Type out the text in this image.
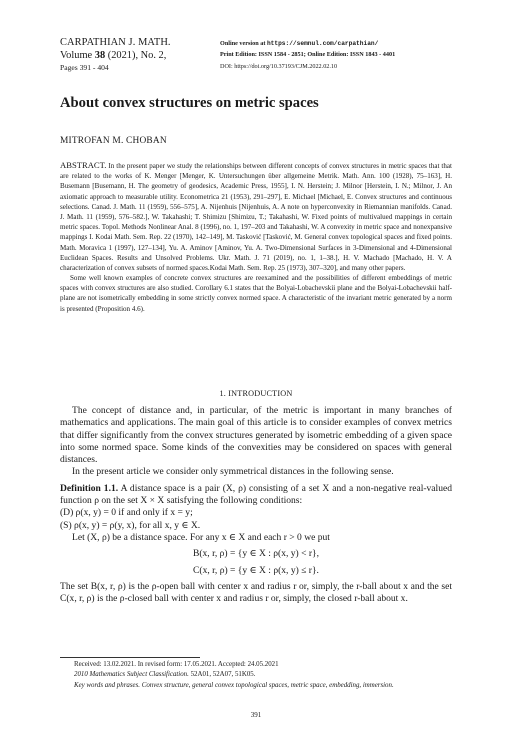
CARPATHIAN J. MATH.
Volume 38 (2021), No. 2,
Pages 391 - 404
Online version at https://semnul.com/carpathian/
Print Edition: ISSN 1584 - 2851; Online Edition: ISSN 1843 - 4401
DOI: https://doi.org/10.37193/CJM.2022.02.10
About convex structures on metric spaces
MITROFAN M. CHOBAN

ABSTRACT. In the present paper we study the relationships between different concepts of convex structures in metric spaces that that are related to the works of K. Menger [Menger, K. Untersuchungen über allgemeine Metrik. Math. Ann. 100 (1928), 75–163], H. Busemann [Busemann, H. The geometry of geodesics, Academic Press, 1955], I. N. Herstein; J. Milnor [Herstein, I. N.; Milnor, J. An axiomatic approach to measurable utility. Econometrica 21 (1953), 291–297], E. Michael [Michael, E. Convex structures and continuous selections. Canad. J. Math. 11 (1959), 556–575], A. Nijenhuis [Nijenhuis, A. A note on hyperconvexity in Riemannian manifolds. Canad. J. Math. 11 (1959), 576–582.], W. Takahashi; T. Shimizu [Shimizu, T.; Takahashi, W. Fixed points of multivalued mappings in certain metric spaces. Topol. Methods Nonlinear Anal. 8 (1996), no. 1, 197–203 and Takahashi, W. A convexity in metric space and nonexpansive mappings I. Kodai Math. Sem. Rep. 22 (1970), 142–149], M. Tasković [Tasković, M. General convex topological spaces and fixed points. Math. Moravica 1 (1997), 127–134], Yu. A. Aminov [Aminov, Yu. A. Two-Dimensional Surfaces in 3-Dimensional and 4-Dimensional Euclidean Spaces. Results and Unsolved Problems. Ukr. Math. J. 71 (2019), no. 1, 1–38.], H. V. Machado [Machado, H. V. A characterization of convex subsets of normed spaces.Kodai Math. Sem. Rep. 25 (1973), 307–320], and many other papers.

Some well known examples of concrete convex structures are reexamined and the possibilities of different embeddings of metric spaces with convex structures are also studied. Corollary 6.1 states that the Bolyai-Lobachevskii plane and the Bolyai-Lobachevskii half-plane are not isometrically embedding in some strictly convex normed space. A characteristic of the invariant metric generated by a norm is presented (Proposition 4.6).

1. INTRODUCTION

The concept of distance and, in particular, of the metric is important in many branches of mathematics and applications. The main goal of this article is to consider examples of convex metrics that differ significantly from the convex structures generated by isometric embedding of a given space into some normed space. Some kinds of the convexities may be considered on spaces with general distances.

In the present article we consider only symmetrical distances in the following sense.

Definition 1.1. A distance space is a pair (X, ρ) consisting of a set X and a non-negative real-valued function ρ on the set X × X satisfying the following conditions:

(D) ρ(x, y) = 0 if and only if x = y;

(S) ρ(x, y) = ρ(y, x), for all x, y ∈ X.

Let (X, ρ) be a distance space. For any x ∈ X and each r > 0 we put

B(x, r, ρ) = {y ∈ X : ρ(x, y) < r},

C(x, r, ρ) = {y ∈ X : ρ(x, y) ≤ r}.

The set B(x, r, ρ) is the ρ-open ball with center x and radius r or, simply, the r-ball about x and the set C(x, r, ρ) is the ρ-closed ball with center x and radius r or, simply, the closed r-ball about x.

Received: 13.02.2021. In revised form: 17.05.2021. Accepted: 24.05.2021

2010 Mathematics Subject Classification. 52A01, 52A07, 51K05.

Key words and phrases. Convex structure, general convex topological spaces, metric space, embedding, immersion.

391
